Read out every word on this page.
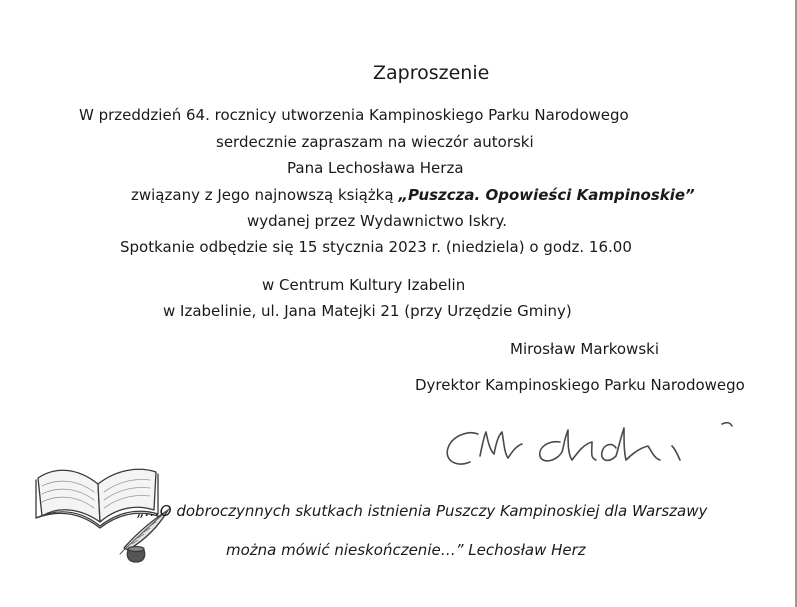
Zaproszenie
W przeddzień 64. rocznicy utworzenia Kampinoskiego Parku Narodowego
serdecznie zapraszam na wieczór autorski
Pana Lechosława Herza
związany z Jego najnowszą książką „Puszcza. Opowieści Kampinoskie”
wydanej przez Wydawnictwo Iskry.
Spotkanie odbędzie się 15 stycznia 2023 r. (niedziela) o godz. 16.00
w Centrum Kultury Izabelin
w Izabelinie, ul. Jana Matejki 21 (przy Urzędzie Gminy)
Mirosław Markowski
Dyrektor Kampinoskiego Parku Narodowego
„…O dobroczynnych skutkach istnienia Puszczy Kampinoskiej dla Warszawy
można mówić nieskończenie…” Lechosław Herz
